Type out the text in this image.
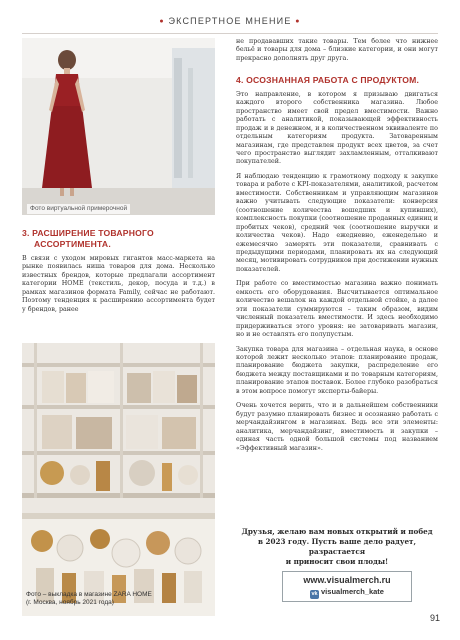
● ЭКСПЕРТНОЕ МНЕНИЕ ●
Фото виртуальной примерочной
3. РАСШИРЕНИЕ ТОВАРНОГО
АССОРТИМЕНТА.

В связи с уходом мировых гигантов масс-маркета на рынке появилась ниша товаров для дома. Несколько известных брендов, которые предлагали ассортимент категории HOME (текстиль, декор, посуда и т.д.) в рамках магазинов формата Family, сейчас не работают. Поэтому тенденция к расширению ассортимента будет у брендов, ранее

Фото – выкладка в магазине ZARA HOME
(г. Москва, ноябрь 2021 года)

не продававших такие товары. Тем более что нижнее бельё и товары для дома – близкие категории, и они могут прекрасно дополнять друг друга.

4. ОСОЗНАННАЯ РАБОТА С ПРОДУКТОМ.

Это направление, в котором я призываю двигаться каждого второго собственника магазина. Любое пространство имеет свой предел вместимости. Важно работать с аналитикой, показывающей эффективность продаж и в денежном, и в количественном эквиваленте по отдельным категориям продукта. Затоваренным магазинам, где представлен продукт всех цветов, за счет чего пространство выглядит захламленным, отталкивают покупателей.

Я наблюдаю тенденцию к грамотному подходу к закупке товара и работе с KPI-показателями, аналитикой, расчетом вместимости. Собственникам и управляющим магазинов важно учитывать следующие показатели: конверсия (соотношение количества вошедших и купивших), комплексность покупки (соотношение проданных единиц и пробитых чеков), средний чек (соотношение выручки и количества чеков). Надо ежедневно, еженедельно и ежемесячно замерять эти показатели, сравнивать с предыдущими периодами, планировать их на следующий месяц, мотивировать сотрудников при достижении нужных показателей.

При работе со вместимостью магазина важно понимать емкость его оборудования. Высчитывается оптимальное количество вешалок на каждой отдельной стойке, а далее эти показатели суммируются – таким образом, видим численный показатель вместимости. И здесь необходимо придерживаться этого уровня: не затоваривать магазин, но и не оставлять его полупустым.

Закупка товара для магазина – отдельная наука, в основе которой лежит несколько этапов: планирование продаж, планирование бюджета закупки, распределение его бюджета между поставщиками и по товарным категориям, планирование этапов поставок. Более глубоко разобраться в этом вопросе помогут эксперты-байеры.

Очень хочется верить, что и в дальнейшем собственники будут разумно планировать бизнес и осознанно работать с мерчандайзингом в магазинах. Ведь все эти элементы: аналитика, мерчандайзинг, вместимость и закупки – единая часть одной большой системы под названием «Эффективный магазин».

Друзья, желаю вам новых открытий и побед
в 2023 году. Пусть ваше дело радует, разрастается
и приносит свои плоды!
www.visualmerch.ru
vk visualmerch_kate
91
